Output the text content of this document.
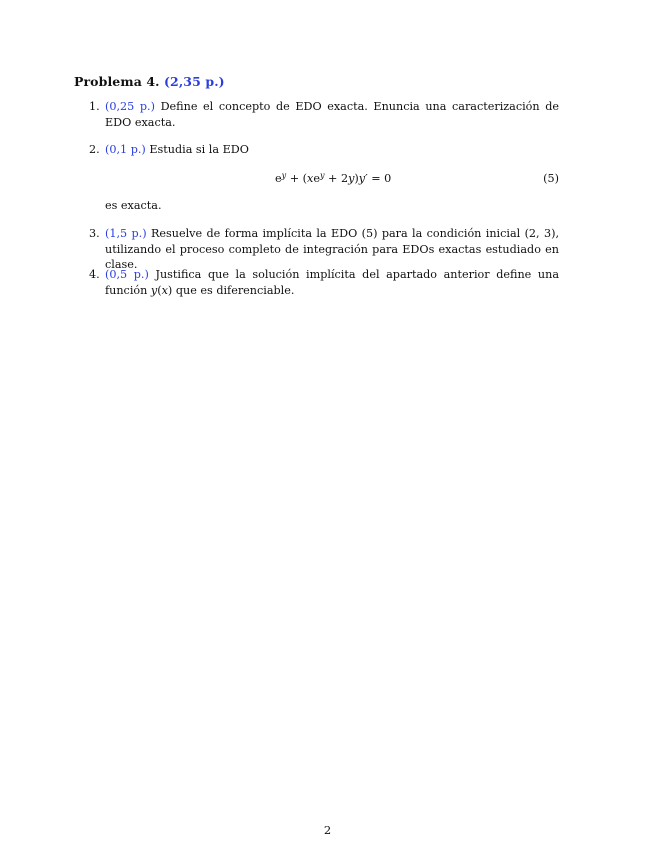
Problema 4. (2,35 p.)
1. (0,25 p.) Define el concepto de EDO exacta. Enuncia una caracterización de EDO exacta.
2. (0,1 p.) Estudia si la EDO
$e^y + (xe^y + 2y)y' = 0$	(5)
es exacta.
3. (1,5 p.) Resuelve de forma implícita la EDO (5) para la condición inicial (2, 3), utilizando el proceso completo de integración para EDOs exactas estudiado en clase.
4. (0,5 p.) Justifica que la solución implícita del apartado anterior define una función y(x) que es diferenciable.
2
